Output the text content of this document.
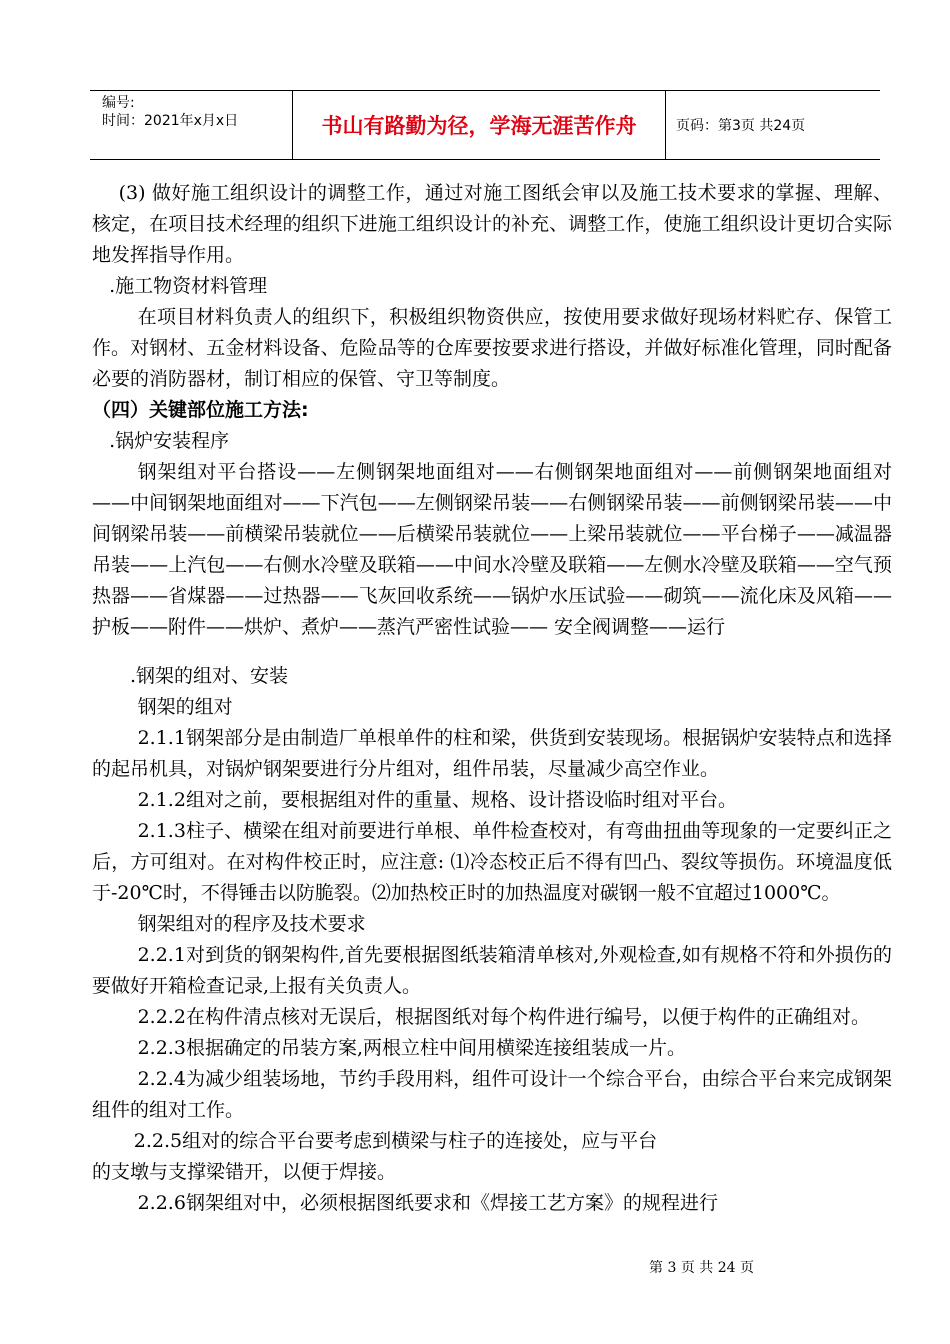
编号:
时间：2021年x月x日	书山有路勤为径，学海无涯苦作舟	页码：第3页 共24页

(3) 做好施工组织设计的调整工作，通过对施工图纸会审以及施工技术要求的掌握、理解、核定，在项目技术经理的组织下进施工组织设计的补充、调整工作，使施工组织设计更切合实际地发挥指导作用。

.施工物资材料管理

在项目材料负责人的组织下，积极组织物资供应，按使用要求做好现场材料贮存、保管工作。对钢材、五金材料设备、危险品等的仓库要按要求进行搭设，并做好标准化管理，同时配备必要的消防器材，制订相应的保管、守卫等制度。

（四）关键部位施工方法:

.锅炉安装程序

钢架组对平台搭设——左侧钢架地面组对——右侧钢架地面组对——前侧钢架地面组对——中间钢架地面组对——下汽包——左侧钢梁吊装——右侧钢梁吊装——前侧钢梁吊装——中间钢梁吊装——前横梁吊装就位——后横梁吊装就位——上梁吊装就位——平台梯子——减温器吊装——上汽包——右侧水冷壁及联箱——中间水冷壁及联箱——左侧水冷壁及联箱——空气预热器——省煤器——过热器——飞灰回收系统——锅炉水压试验——砌筑——流化床及风箱——护板——附件——烘炉、煮炉——蒸汽严密性试验—— 安全阀调整——运行

.钢架的组对、安装

钢架的组对

2.1.1钢架部分是由制造厂单根单件的柱和梁，供货到安装现场。根据锅炉安装特点和选择的起吊机具，对锅炉钢架要进行分片组对，组件吊装，尽量减少高空作业。

2.1.2组对之前，要根据组对件的重量、规格、设计搭设临时组对平台。

2.1.3柱子、横梁在组对前要进行单根、单件检查校对，有弯曲扭曲等现象的一定要纠正之后，方可组对。在对构件校正时，应注意: ⑴冷态校正后不得有凹凸、裂纹等损伤。环境温度低于-20℃时，不得锤击以防脆裂。⑵加热校正时的加热温度对碳钢一般不宜超过1000℃。

钢架组对的程序及技术要求

2.2.1对到货的钢架构件,首先要根据图纸装箱清单核对,外观检查,如有规格不符和外损伤的要做好开箱检查记录,上报有关负责人。

2.2.2在构件清点核对无误后，根据图纸对每个构件进行编号，以便于构件的正确组对。

2.2.3根据确定的吊装方案,两根立柱中间用横梁连接组装成一片。

2.2.4为减少组装场地，节约手段用料，组件可设计一个综合平台，由综合平台来完成钢架组件的组对工作。

2.2.5组对的综合平台要考虑到横梁与柱子的连接处，应与平台

的支墩与支撑梁错开，以便于焊接。

2.2.6钢架组对中，必须根据图纸要求和《焊接工艺方案》的规程进行

第 3 页 共 24 页
